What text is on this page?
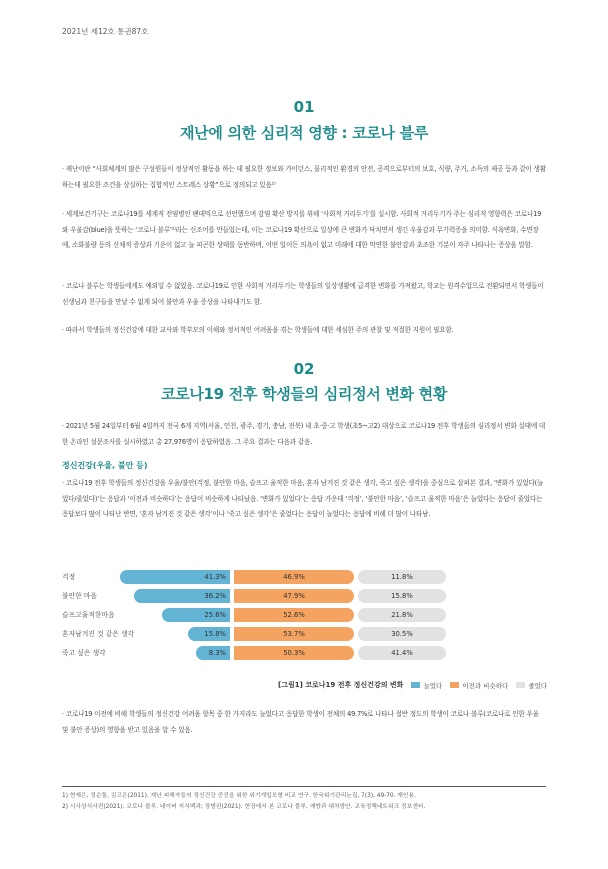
2021년 제12호 통권87호
01
재난에 의한 심리적 영향 : 코로나 블루
· 재난이란 “사회체계의 많은 구성원들이 정상적인 활동을 하는 데 필요한 정보와 가이던스, 물리적인 환경의 안전, 공격으로부터의 보호, 식량, 주거, 소득의 제공 등과 같이 생활하는데 필요한 조건을 상실하는 집합적인 스트레스 상황”으로 정의되고 있음¹⁾
· 세계보건기구는 코로나19를 세계적 전염병인 팬데믹으로 선언했으며 감염 확산 방지를 위해 ‘사회적 거리두기’를 실시함. 사회적 거리두기가 주는 심리적 영향력은 코로나19와 우울감(blue)을 뜻하는 ‘코로나 블루’²⁾라는 신조어를 만들었는데, 이는 코로나19 확산으로 일상에 큰 변화가 닥치면서 생긴 우울감과 무기력증을 의미함. 식욕변화, 수면장애, 소화불량 등의 신체적 증상과 기운이 없고 늘 피곤한 상태를 동반하며, 어떤 일이든 의욕이 없고 미래에 대한 막연한 불안감과 초조한 기분이 자주 나타나는 증상을 말함.
· 코로나 블루는 학생들에게도 예외일 수 없었음. 코로나19로 인한 사회적 거리두기는 학생들의 일상생활에 급격한 변화를 가져왔고, 학교는 원격수업으로 전환되면서 학생들이 선생님과 친구들을 만날 수 없게 되어 불안과 우울 증상을 나타내기도 함.
· 따라서 학생들의 정신건강에 대한 교사와 학부모의 이해와 정서적인 어려움을 겪는 학생들에 대한 세심한 주의 관찰 및 적절한 지원이 필요함.
02
코로나19 전후 학생들의 심리정서 변화 현황
· 2021년 5월 24일부터 6월 4일까지 전국 6개 지역(서울, 인천, 광주, 경기, 충남, 전북) 내 초·중·고 학생(초5~고2) 대상으로 코로나19 전후 학생들의 심리정서 변화 실태에 대한 온라인 설문조사를 실시하였고 총 27,976명이 응답하였음. 그 주요 결과는 다음과 같음.
정신건강(우울, 불안 등)
· 코로나19 전후 학생들의 정신건강을 우울/불안(걱정, 불안한 마음, 슬프고 울적한 마음, 혼자 남겨진 것 같은 생각, 죽고 싶은 생각)을 중심으로 살펴본 결과, ‘변화가 있었다(늘었다/줄었다)’는 응답과 ‘이전과 비슷하다’는 응답이 비슷하게 나타났음. ‘변화가 있었다’는 응답 가운데 ‘걱정’, ‘불안한 마음’, ‘슬프고 울적한 마음’은 늘었다는 응답이 줄었다는 응답보다 많이 나타난 반면, ‘혼자 남겨진 것 같은 생각’이나 ‘죽고 싶은 생각’은 줄었다는 응답이 늘었다는 응답에 비해 더 많이 나타남.
걱정	41.3%	46.9%	11.8%
불안한 마음	36.2%	47.9%	15.8%
슬프고울적한마음	25.6%	52.6%	21.8%
혼자남겨진 것 같은 생각	15.8%	53.7%	30.5%
죽고 싶은 생각	8.3%	50.3%	41.4%
[그림1] 코로나19 전후 정신건강의 변화	늘었다	이전과 비슷하다	줄었다
· 코로나19 이전에 비해 학생들의 정신건강 어려움 항목 중 한 가지라도 늘었다고 응답한 학생이 전체의 49.7%로 나타나 절반 정도의 학생이 코로나 블루(코로나로 인한 우울 및 불안 증상)의 영향을 받고 있음을 알 수 있음.
1) 현재은, 정순둘, 김고은(2011). 재난 피해자들의 정신건강 증진을 위한 위기개입모형 비교 연구. 한국위기관리논집, 7(3), 49-70. 재인용.
2) 시사상식사전(2021). 코로나 블루. 네이버 지식백과; 장범권(2021). 현장에서 본 코로나 블루, 예방과 대처방안. 교육정책네트워크 정보센터.
